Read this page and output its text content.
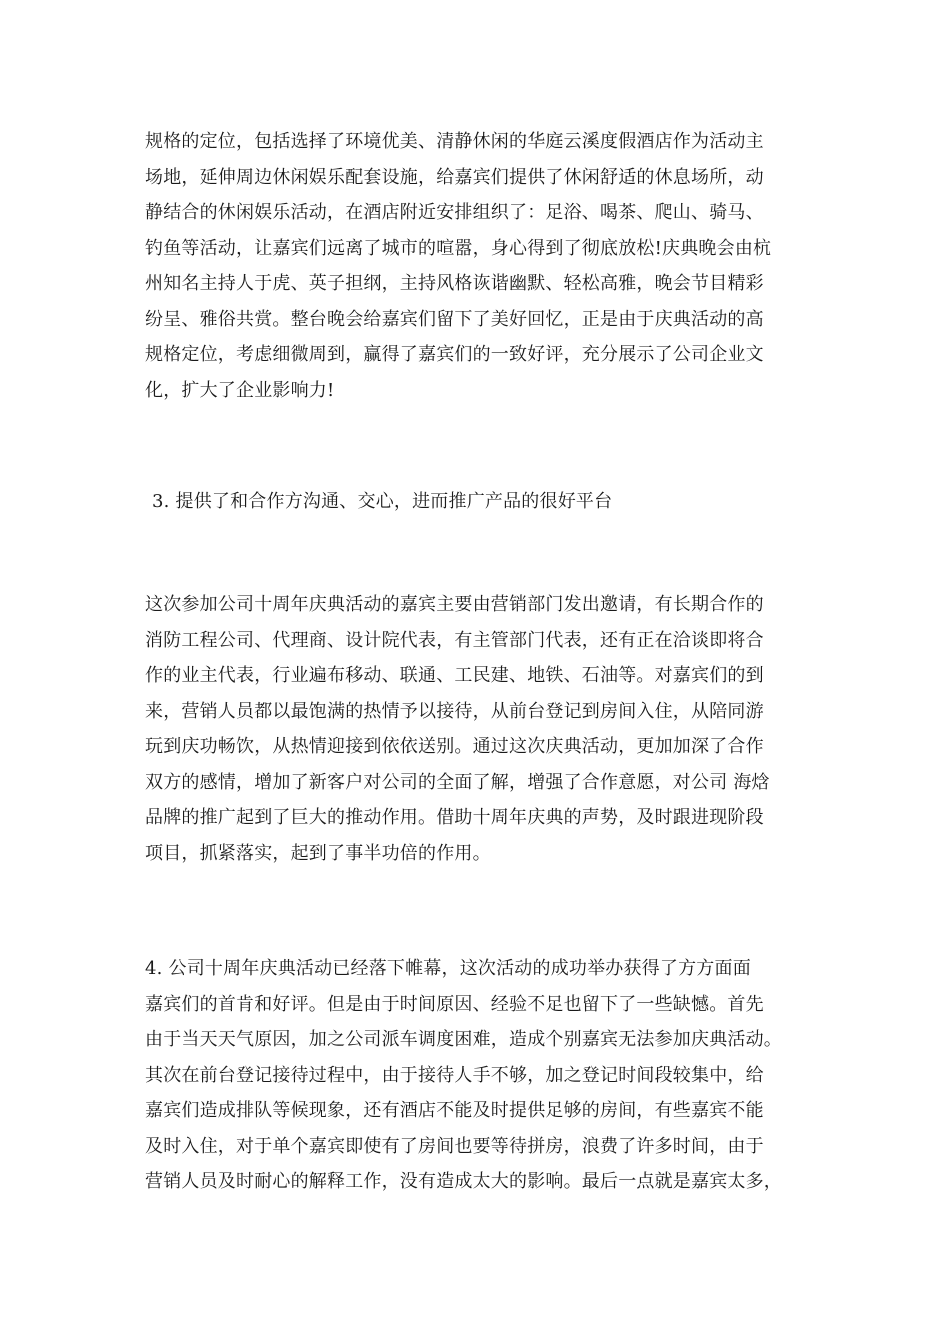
规格的定位，包括选择了环境优美、清静休闲的华庭云溪度假酒店作为活动主
场地，延伸周边休闲娱乐配套设施，给嘉宾们提供了休闲舒适的休息场所，动
静结合的休闲娱乐活动，在酒店附近安排组织了：足浴、喝茶、爬山、骑马、
钓鱼等活动，让嘉宾们远离了城市的喧嚣，身心得到了彻底放松!庆典晚会由杭
州知名主持人于虎、英子担纲，主持风格诙谐幽默、轻松高雅，晚会节目精彩
纷呈、雅俗共赏。整台晚会给嘉宾们留下了美好回忆，正是由于庆典活动的高
规格定位，考虑细微周到，赢得了嘉宾们的一致好评，充分展示了公司企业文
化，扩大了企业影响力!
3. 提供了和合作方沟通、交心，进而推广产品的很好平台
这次参加公司十周年庆典活动的嘉宾主要由营销部门发出邀请，有长期合作的
消防工程公司、代理商、设计院代表，有主管部门代表，还有正在洽谈即将合
作的业主代表，行业遍布移动、联通、工民建、地铁、石油等。对嘉宾们的到
来，营销人员都以最饱满的热情予以接待，从前台登记到房间入住，从陪同游
玩到庆功畅饮，从热情迎接到依依送别。通过这次庆典活动，更加加深了合作
双方的感情，增加了新客户对公司的全面了解，增强了合作意愿，对公司 海焓
品牌的推广起到了巨大的推动作用。借助十周年庆典的声势，及时跟进现阶段
项目，抓紧落实，起到了事半功倍的作用。
4. 公司十周年庆典活动已经落下帷幕，这次活动的成功举办获得了方方面面
嘉宾们的首肯和好评。但是由于时间原因、经验不足也留下了一些缺憾。首先
由于当天天气原因，加之公司派车调度困难，造成个别嘉宾无法参加庆典活动。
其次在前台登记接待过程中，由于接待人手不够，加之登记时间段较集中，给
嘉宾们造成排队等候现象，还有酒店不能及时提供足够的房间，有些嘉宾不能
及时入住，对于单个嘉宾即使有了房间也要等待拼房，浪费了许多时间，由于
营销人员及时耐心的解释工作，没有造成太大的影响。最后一点就是嘉宾太多，
